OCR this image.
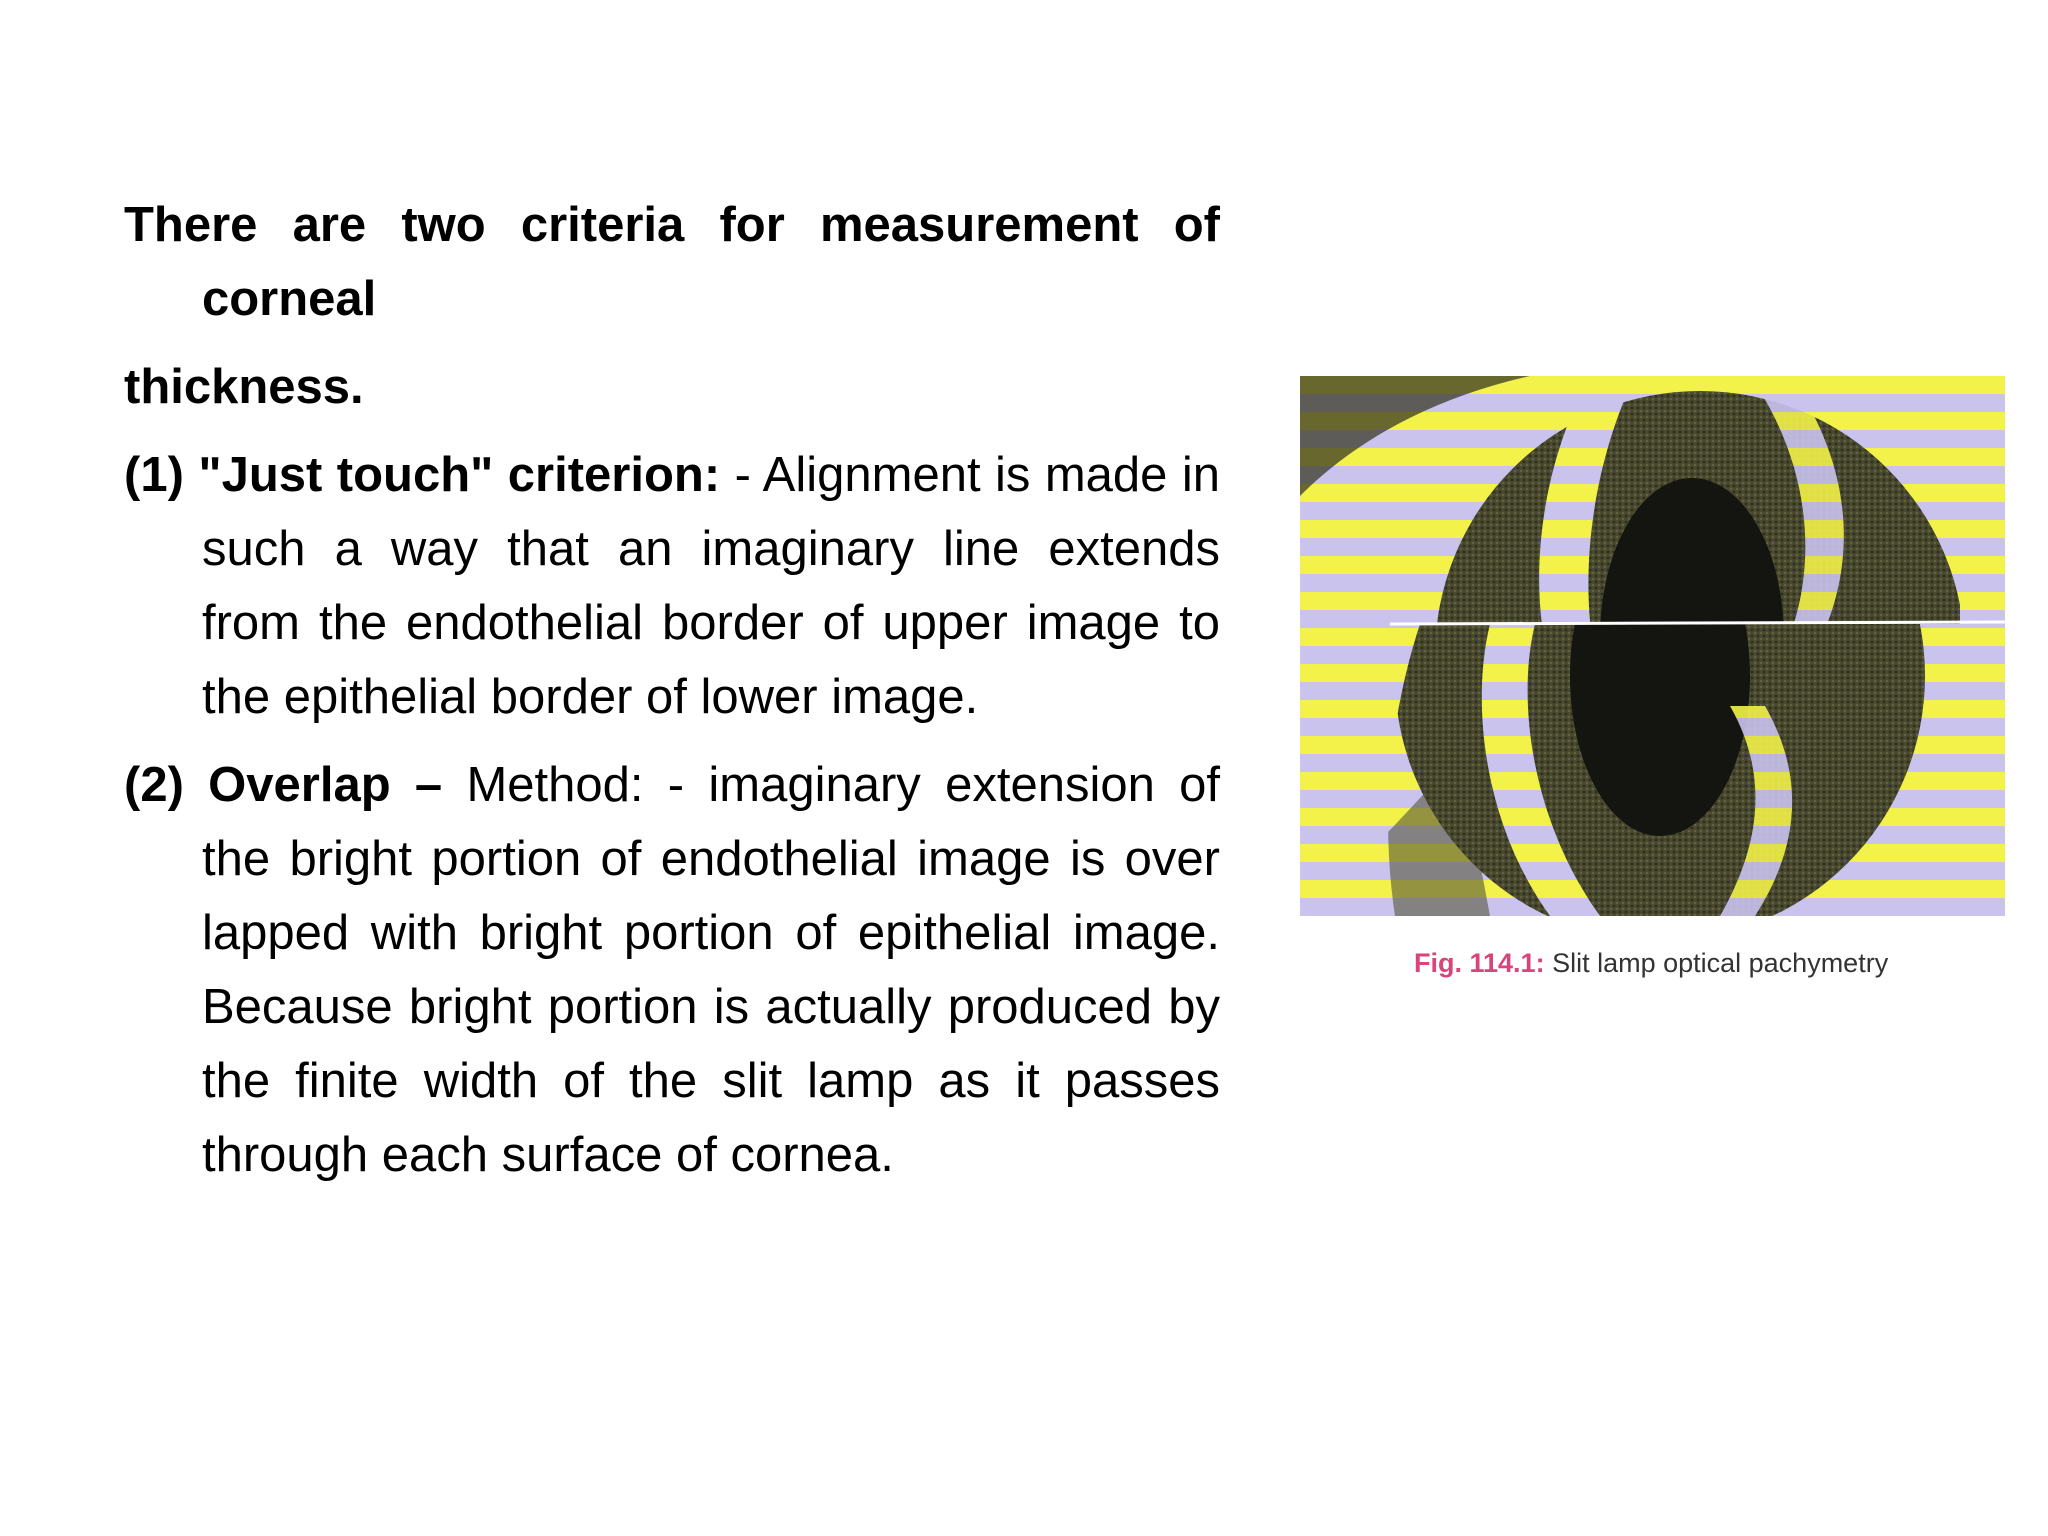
There are two criteria for measurement of corneal

thickness.

(1) "Just touch" criterion: - Alignment is made in such a way that an imaginary line extends from the endothelial border of upper image to the epithelial border of lower image.

(2) Overlap – Method: - imaginary extension of the bright portion of endothelial image is over lapped with bright portion of epithelial image. Because bright portion is actually produced by the finite width of the slit lamp as it passes through each surface of cornea.

Fig. 114.1: Slit lamp optical pachymetry
